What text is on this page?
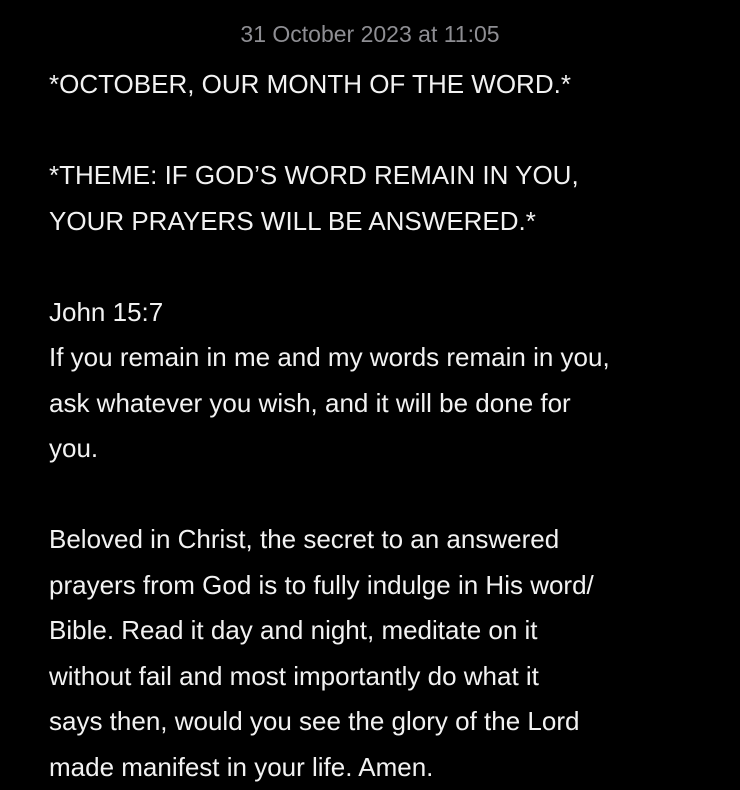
31 October 2023 at 11:05
*OCTOBER, OUR MONTH OF THE WORD.*
*THEME: IF GOD’S WORD REMAIN IN YOU,
YOUR PRAYERS WILL BE ANSWERED.*
John 15:7
If you remain in me and my words remain in you,
ask whatever you wish, and it will be done for
you.
Beloved in Christ, the secret to an answered
prayers from God is to fully indulge in His word/
Bible. Read it day and night, meditate on it
without fail and most importantly do what it
says then, would you see the glory of the Lord
made manifest in your life. Amen.
